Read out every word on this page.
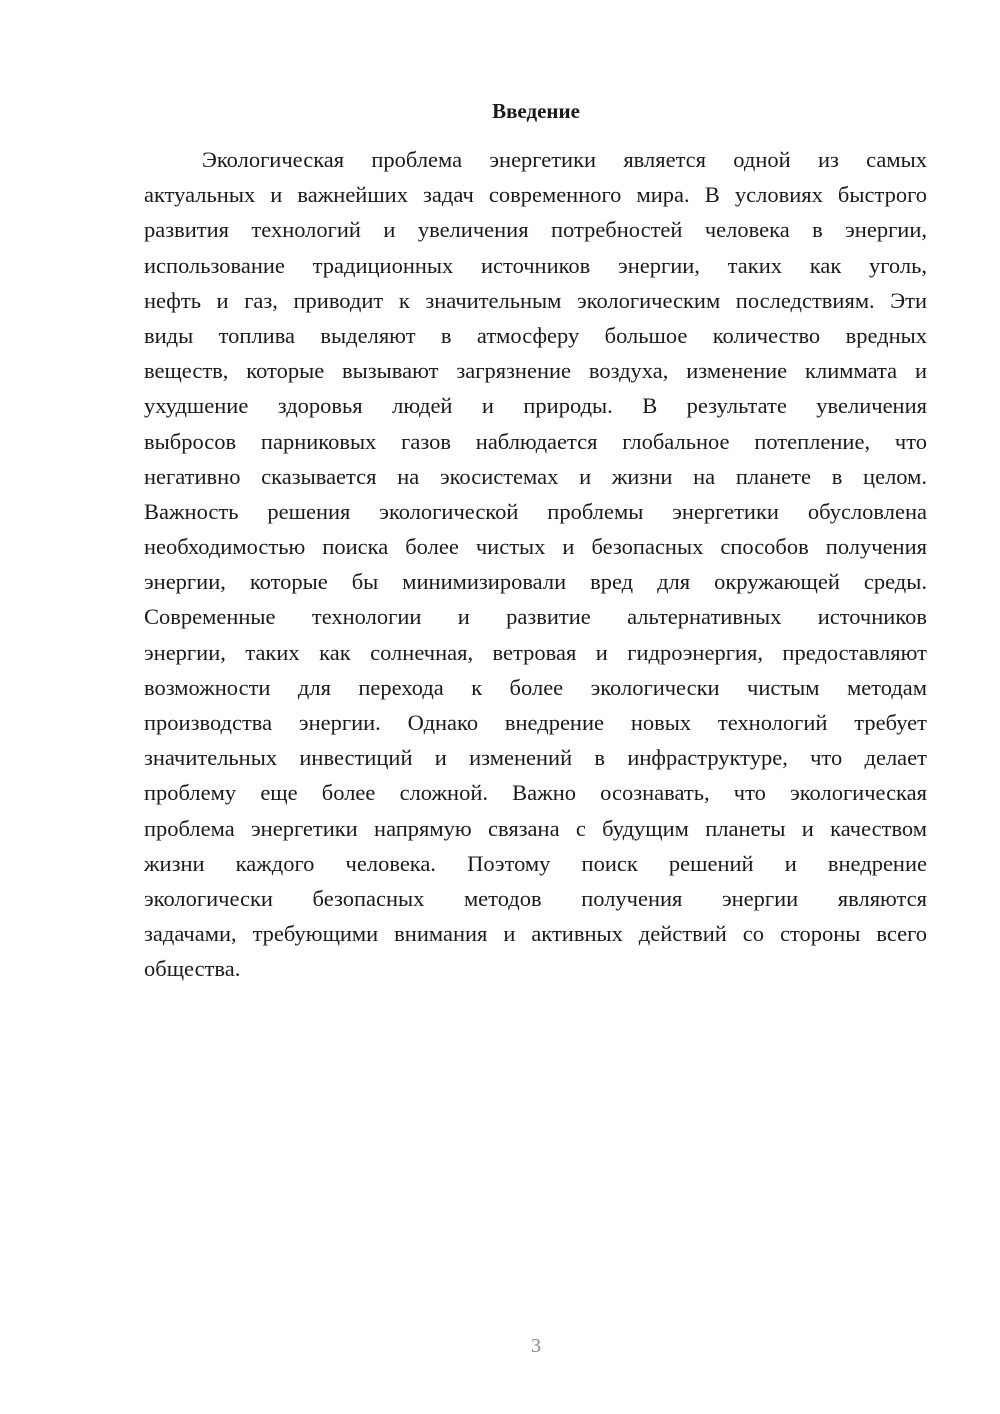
Введение
Экологическая проблема энергетики является одной из самых
актуальных и важнейших задач современного мира. В условиях быстрого
развития технологий и увеличения потребностей человека в энергии,
использование традиционных источников энергии, таких как уголь,
нефть и газ, приводит к значительным экологическим последствиям. Эти
виды топлива выделяют в атмосферу большое количество вредных
веществ, которые вызывают загрязнение воздуха, изменение климмата и
ухудшение здоровья людей и природы. В результате увеличения
выбросов парниковых газов наблюдается глобальное потепление, что
негативно сказывается на экосистемах и жизни на планете в целом.
Важность решения экологической проблемы энергетики обусловлена
необходимостью поиска более чистых и безопасных способов получения
энергии, которые бы минимизировали вред для окружающей среды.
Современные технологии и развитие альтернативных источников
энергии, таких как солнечная, ветровая и гидроэнергия, предоставляют
возможности для перехода к более экологически чистым методам
производства энергии. Однако внедрение новых технологий требует
значительных инвестиций и изменений в инфраструктуре, что делает
проблему еще более сложной. Важно осознавать, что экологическая
проблема энергетики напрямую связана с будущим планеты и качеством
жизни каждого человека. Поэтому поиск решений и внедрение
экологически безопасных методов получения энергии являются
задачами, требующими внимания и активных действий со стороны всего
общества.
3
